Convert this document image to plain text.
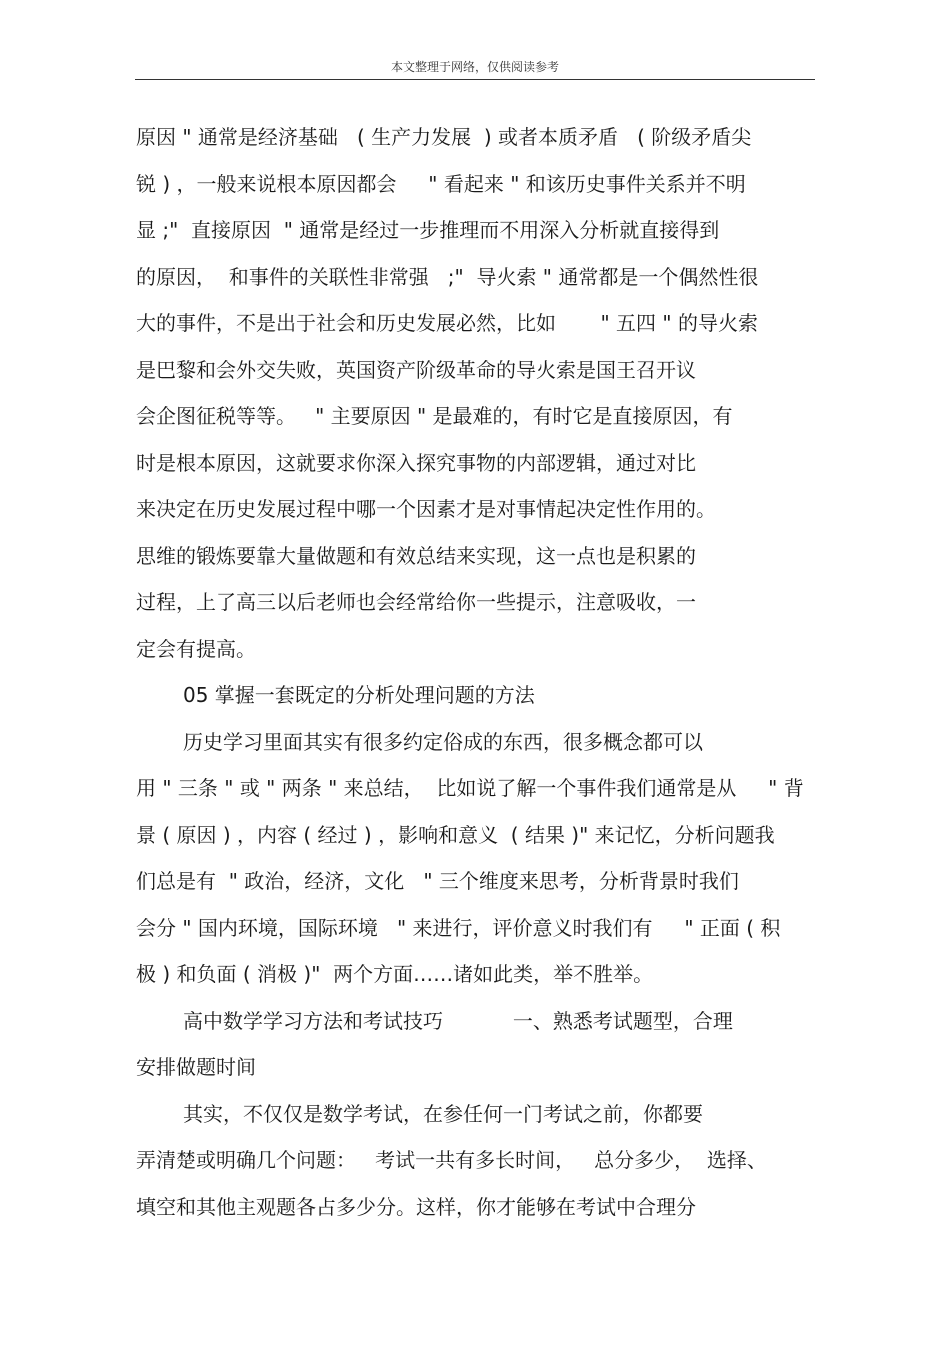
本文整理于网络，仅供阅读参考
原因 " 通常是经济基础   ( 生产力发展  ) 或者本质矛盾   ( 阶级矛盾尖
锐 ) ，一般来说根本原因都会     " 看起来 " 和该历史事件关系并不明
显 ;"  直接原因  " 通常是经过一步推理而不用深入分析就直接得到
的原因，  和事件的关联性非常强   ;"  导火索 " 通常都是一个偶然性很
大的事件，不是出于社会和历史发展必然，比如       " 五四 " 的导火索
是巴黎和会外交失败，英国资产阶级革命的导火索是国王召开议
会企图征税等等。   " 主要原因 " 是最难的，有时它是直接原因，有
时是根本原因，这就要求你深入探究事物的内部逻辑，通过对比
来决定在历史发展过程中哪一个因素才是对事情起决定性作用的。
思维的锻炼要靠大量做题和有效总结来实现，这一点也是积累的
过程，上了高三以后老师也会经常给你一些提示，注意吸收，一
定会有提高。
05 掌握一套既定的分析处理问题的方法
历史学习里面其实有很多约定俗成的东西，很多概念都可以
用 " 三条 " 或 " 两条 " 来总结，  比如说了解一个事件我们通常是从     " 背
景 ( 原因 ) ，内容 ( 经过 ) ，影响和意义  ( 结果 )" 来记忆，分析问题我
们总是有  " 政治，经济，文化   " 三个维度来思考，分析背景时我们
会分 " 国内环境，国际环境   " 来进行，评价意义时我们有     " 正面 ( 积
极 ) 和负面 ( 消极 )"  两个方面……诸如此类，举不胜举。
高中数学学习方法和考试技巧           一、熟悉考试题型，合理
安排做题时间
其实，不仅仅是数学考试，在参任何一门考试之前，你都要
弄清楚或明确几个问题：   考试一共有多长时间，   总分多少，  选择、
填空和其他主观题各占多少分。这样，你才能够在考试中合理分
